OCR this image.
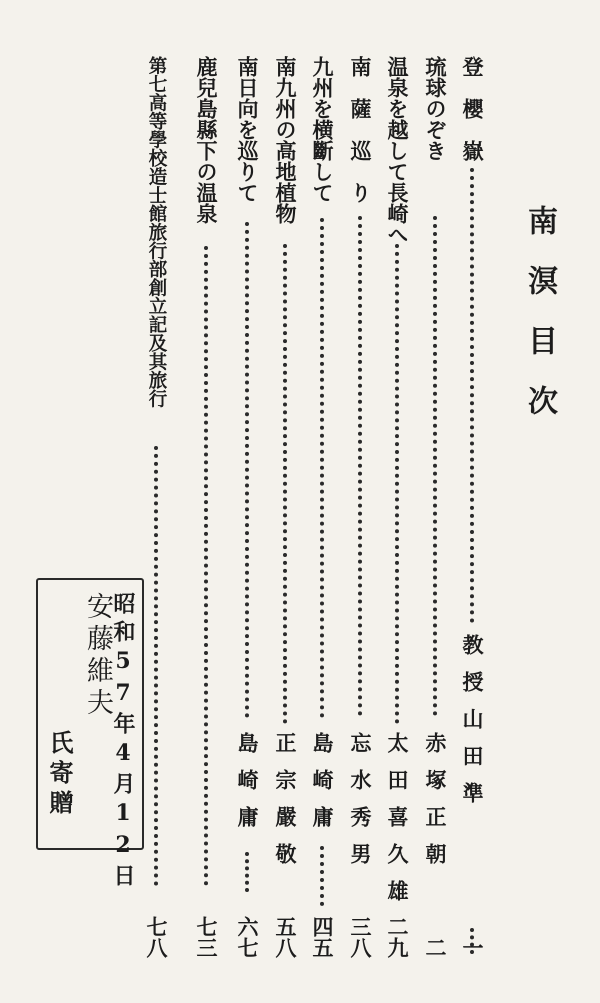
南溟目次
登　櫻　嶽
教授山田準
一
琉球のぞき
赤塚正朝
二
温泉を越して長崎へ
太田喜久雄
二九
南　薩　巡　り
忘水秀男
三八
九州を横斷して
島崎庸
四五
南九州の高地植物
正宗嚴敬
五八
南日向を巡りて
島崎庸
六七
鹿兒島縣下の温泉
七三
第七高等學校造士館旅行部創立記及其旅行
七八
昭和57年4月12日
安藤維夫
氏寄贈
